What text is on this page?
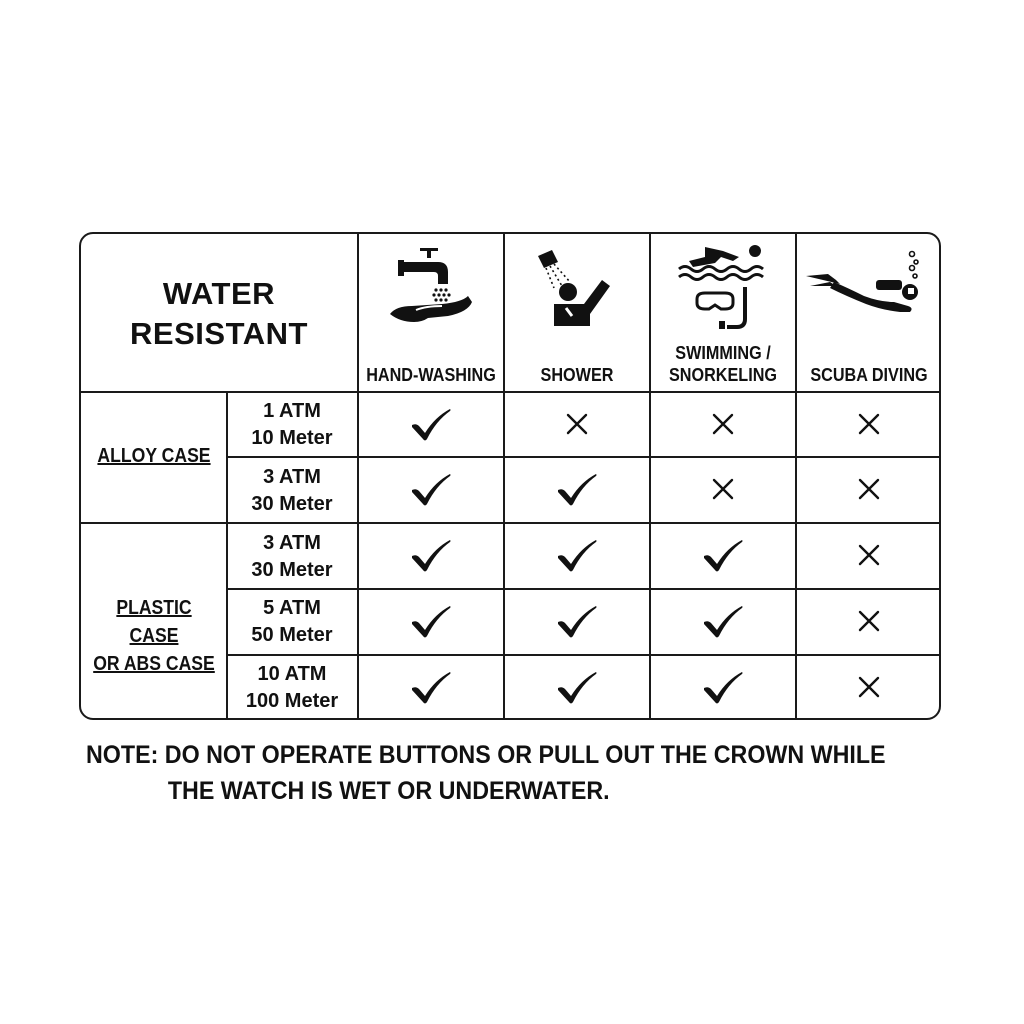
WATER
RESISTANT
HAND-WASHING	SHOWER
SWIMMING /
SNORKELING	SCUBA DIVING
ALLOY CASE
PLASTIC CASE
OR ABS CASE
1 ATM
10 Meter
3 ATM
30 Meter
3 ATM
30 Meter
5 ATM
50 Meter
10 ATM
100 Meter
NOTE: DO NOT OPERATE BUTTONS OR PULL OUT THE CROWN WHILE
THE WATCH IS WET OR UNDERWATER.
